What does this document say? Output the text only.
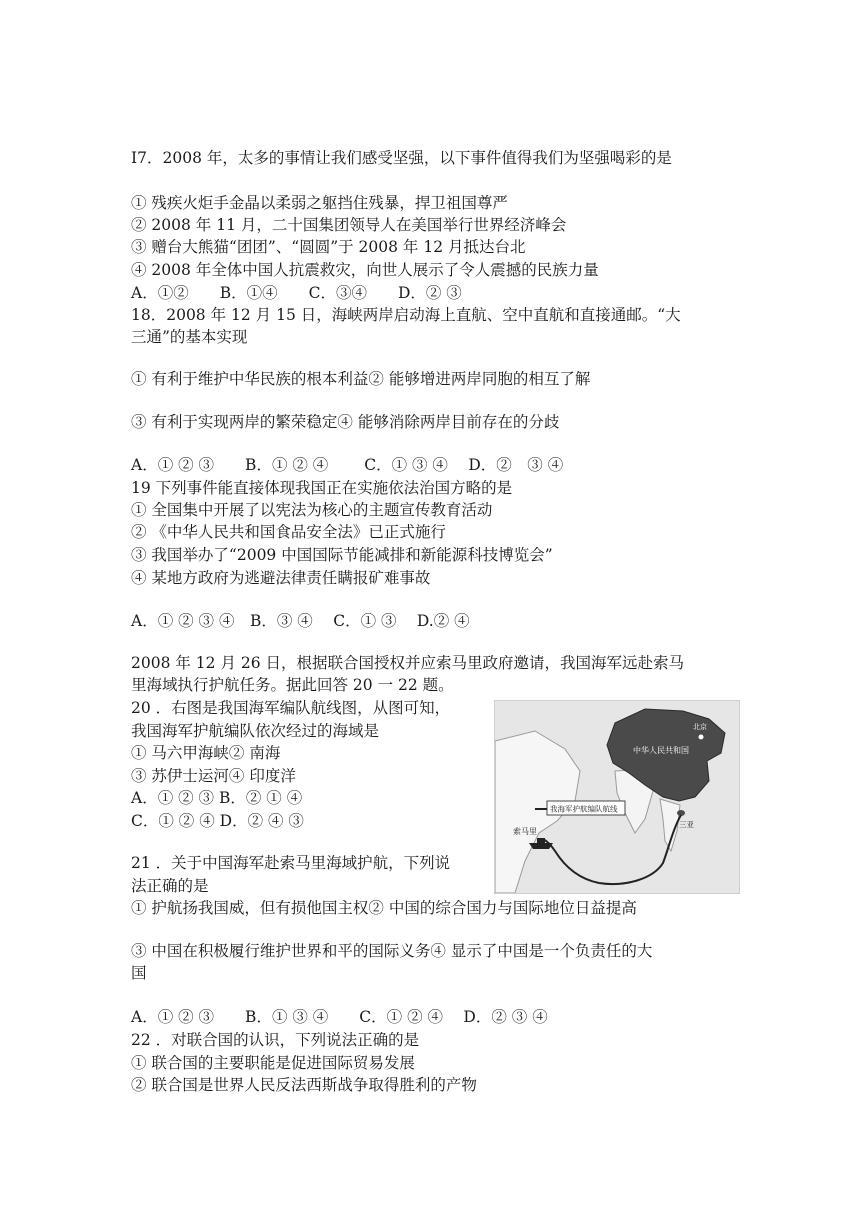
I7．2008 年，太多的事情让我们感受坚强，以下事件值得我们为坚强喝彩的是
① 残疾火炬手金晶以柔弱之躯挡住残暴，捍卫祖国尊严
② 2008 年 11 月，二十国集团领导人在美国举行世界经济峰会
③ 赠台大熊猫“团团”、“圆圆”于 2008 年 12 月抵达台北
④ 2008 年全体中国人抗震救灾，向世人展示了令人震撼的民族力量
A．①②　　B．①④　　C．③④　　D．② ③
18．2008 年 12 月 15 日，海峡两岸启动海上直航、空中直航和直接通邮。“大
三通”的基本实现
① 有利于维护中华民族的根本利益② 能够增进两岸同胞的相互了解
③ 有利于实现两岸的繁荣稳定④ 能够消除两岸目前存在的分歧
A．① ② ③　　B．① ② ④　　 C．① ③ ④　 D．②　③ ④
19 下列事件能直接体现我国正在实施依法治国方略的是
① 全国集中开展了以宪法为核心的主题宣传教育活动
② 《中华人民共和国食品安全法》已正式施行
③ 我国举办了“2009 中国国际节能减排和新能源科技博览会”
④ 某地方政府为逃避法律责任瞒报矿难事故
A．① ② ③ ④　B．③ ④　 C．① ③　 D.② ④
2008 年 12 月 26 日，根据联合国授权并应索马里政府邀请，我国海军远赴索马
里海域执行护航任务。据此回答 20 一 22 题。
20 ．右图是我国海军编队航线图，从图可知，
我国海军护航编队依次经过的海域是
① 马六甲海峡② 南海
③ 苏伊士运河④ 印度洋
A．① ② ③ B．② ① ④
C．① ② ④ D．② ④ ③
21 ．关于中国海军赴索马里海域护航，下列说
法正确的是
① 护航扬我国威，但有损他国主权② 中国的综合国力与国际地位日益提高
③ 中国在积极履行维护世界和平的国际义务④ 显示了中国是一个负责任的大
国
A．① ② ③　　B．① ③ ④　　C．① ② ④　 D．② ③ ④
22 ．对联合国的认识，下列说法正确的是
① 联合国的主要职能是促进国际贸易发展
② 联合国是世界人民反法西斯战争取得胜利的产物
我海军护航编队航线
中华人民共和国
北京
三亚
索马里
